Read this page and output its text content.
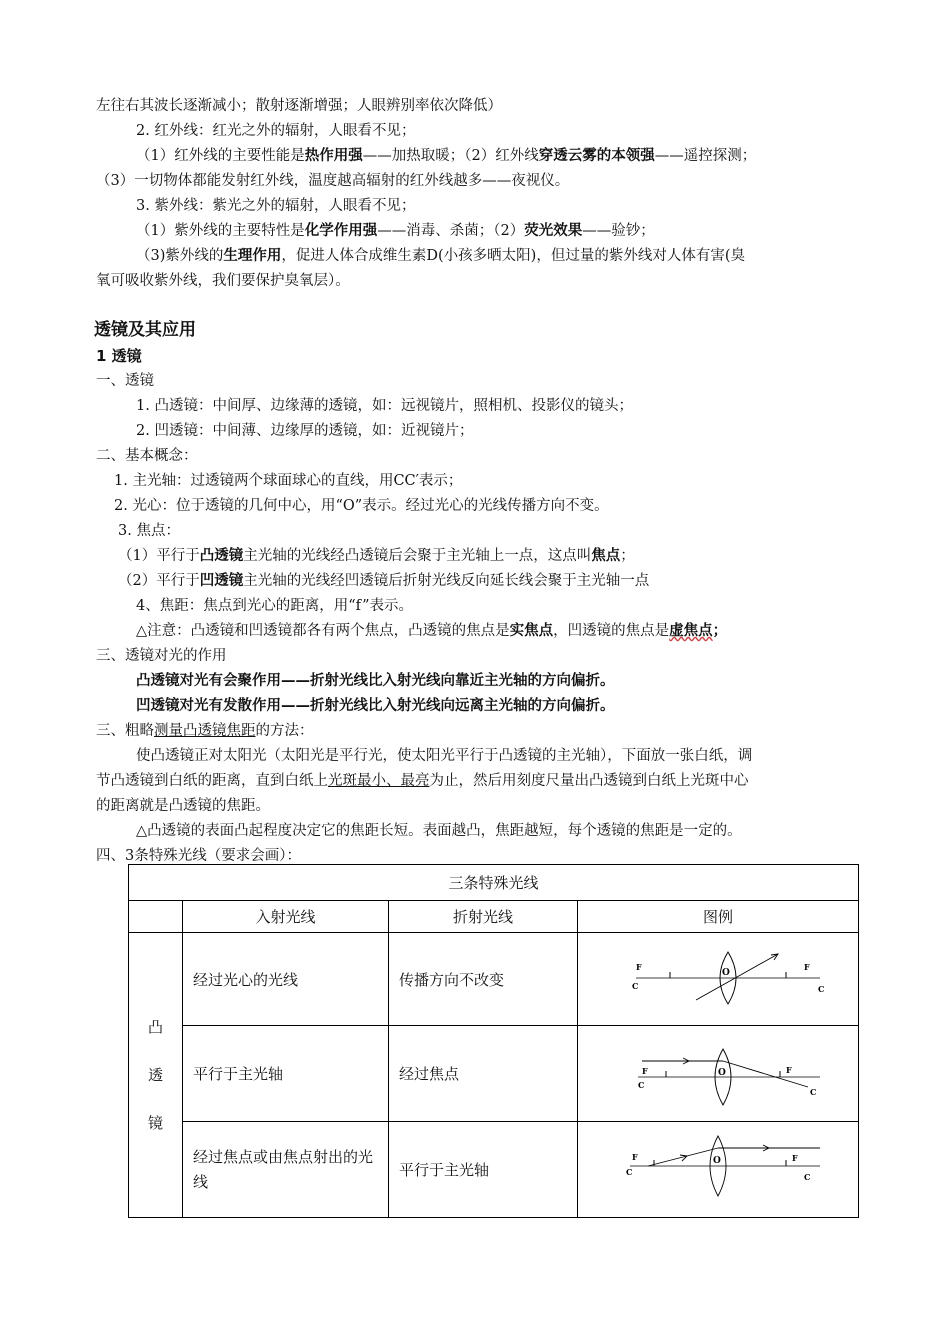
左往右其波长逐渐减小；散射逐渐增强；人眼辨别率依次降低）
2. 红外线：红光之外的辐射，人眼看不见；
（1）红外线的主要性能是热作用强——加热取暖；（2）红外线穿透云雾的本领强——遥控探测；
（3）一切物体都能发射红外线，温度越高辐射的红外线越多——夜视仪。
3. 紫外线：紫光之外的辐射，人眼看不见；
（1）紫外线的主要特性是化学作用强——消毒、杀菌；（2）荧光效果——验钞；
（3)紫外线的生理作用，促进人体合成维生素D(小孩多晒太阳)，但过量的紫外线对人体有害(臭
氧可吸收紫外线，我们要保护臭氧层）。
透镜及其应用
1 透镜
一、透镜
1. 凸透镜：中间厚、边缘薄的透镜，如：远视镜片，照相机、投影仪的镜头；
2. 凹透镜：中间薄、边缘厚的透镜，如：近视镜片；
二、基本概念：
1. 主光轴：过透镜两个球面球心的直线，用CC′表示；
2. 光心：位于透镜的几何中心，用“O”表示。经过光心的光线传播方向不变。
3. 焦点：
（1）平行于凸透镜主光轴的光线经凸透镜后会聚于主光轴上一点，这点叫焦点；
（2）平行于凹透镜主光轴的光线经凹透镜后折射光线反向延长线会聚于主光轴一点
4、焦距：焦点到光心的距离，用“f”表示。
△注意：凸透镜和凹透镜都各有两个焦点，凸透镜的焦点是实焦点，凹透镜的焦点是虚焦点；
三、透镜对光的作用
凸透镜对光有会聚作用——折射光线比入射光线向靠近主光轴的方向偏折。
凹透镜对光有发散作用——折射光线比入射光线向远离主光轴的方向偏折。
三、粗略测量凸透镜焦距的方法：
使凸透镜正对太阳光（太阳光是平行光，使太阳光平行于凸透镜的主光轴），下面放一张白纸，调
节凸透镜到白纸的距离，直到白纸上光斑最小、最亮为止，然后用刻度尺量出凸透镜到白纸上光斑中心
的距离就是凸透镜的焦距。
△凸透镜的表面凸起程度决定它的焦距长短。表面越凸，焦距越短，每个透镜的焦距是一定的。
四、3条特殊光线（要求会画）：
三条特殊光线			
	入射光线	折射光线	图例
凸
透
镜	经过光心的光线	传播方向不改变	F F
C C
O

	平行于主光轴	经过焦点	F F
C
C
O

	经过焦点或由焦点射出的光线	平行于主光轴	F F
C C
O
